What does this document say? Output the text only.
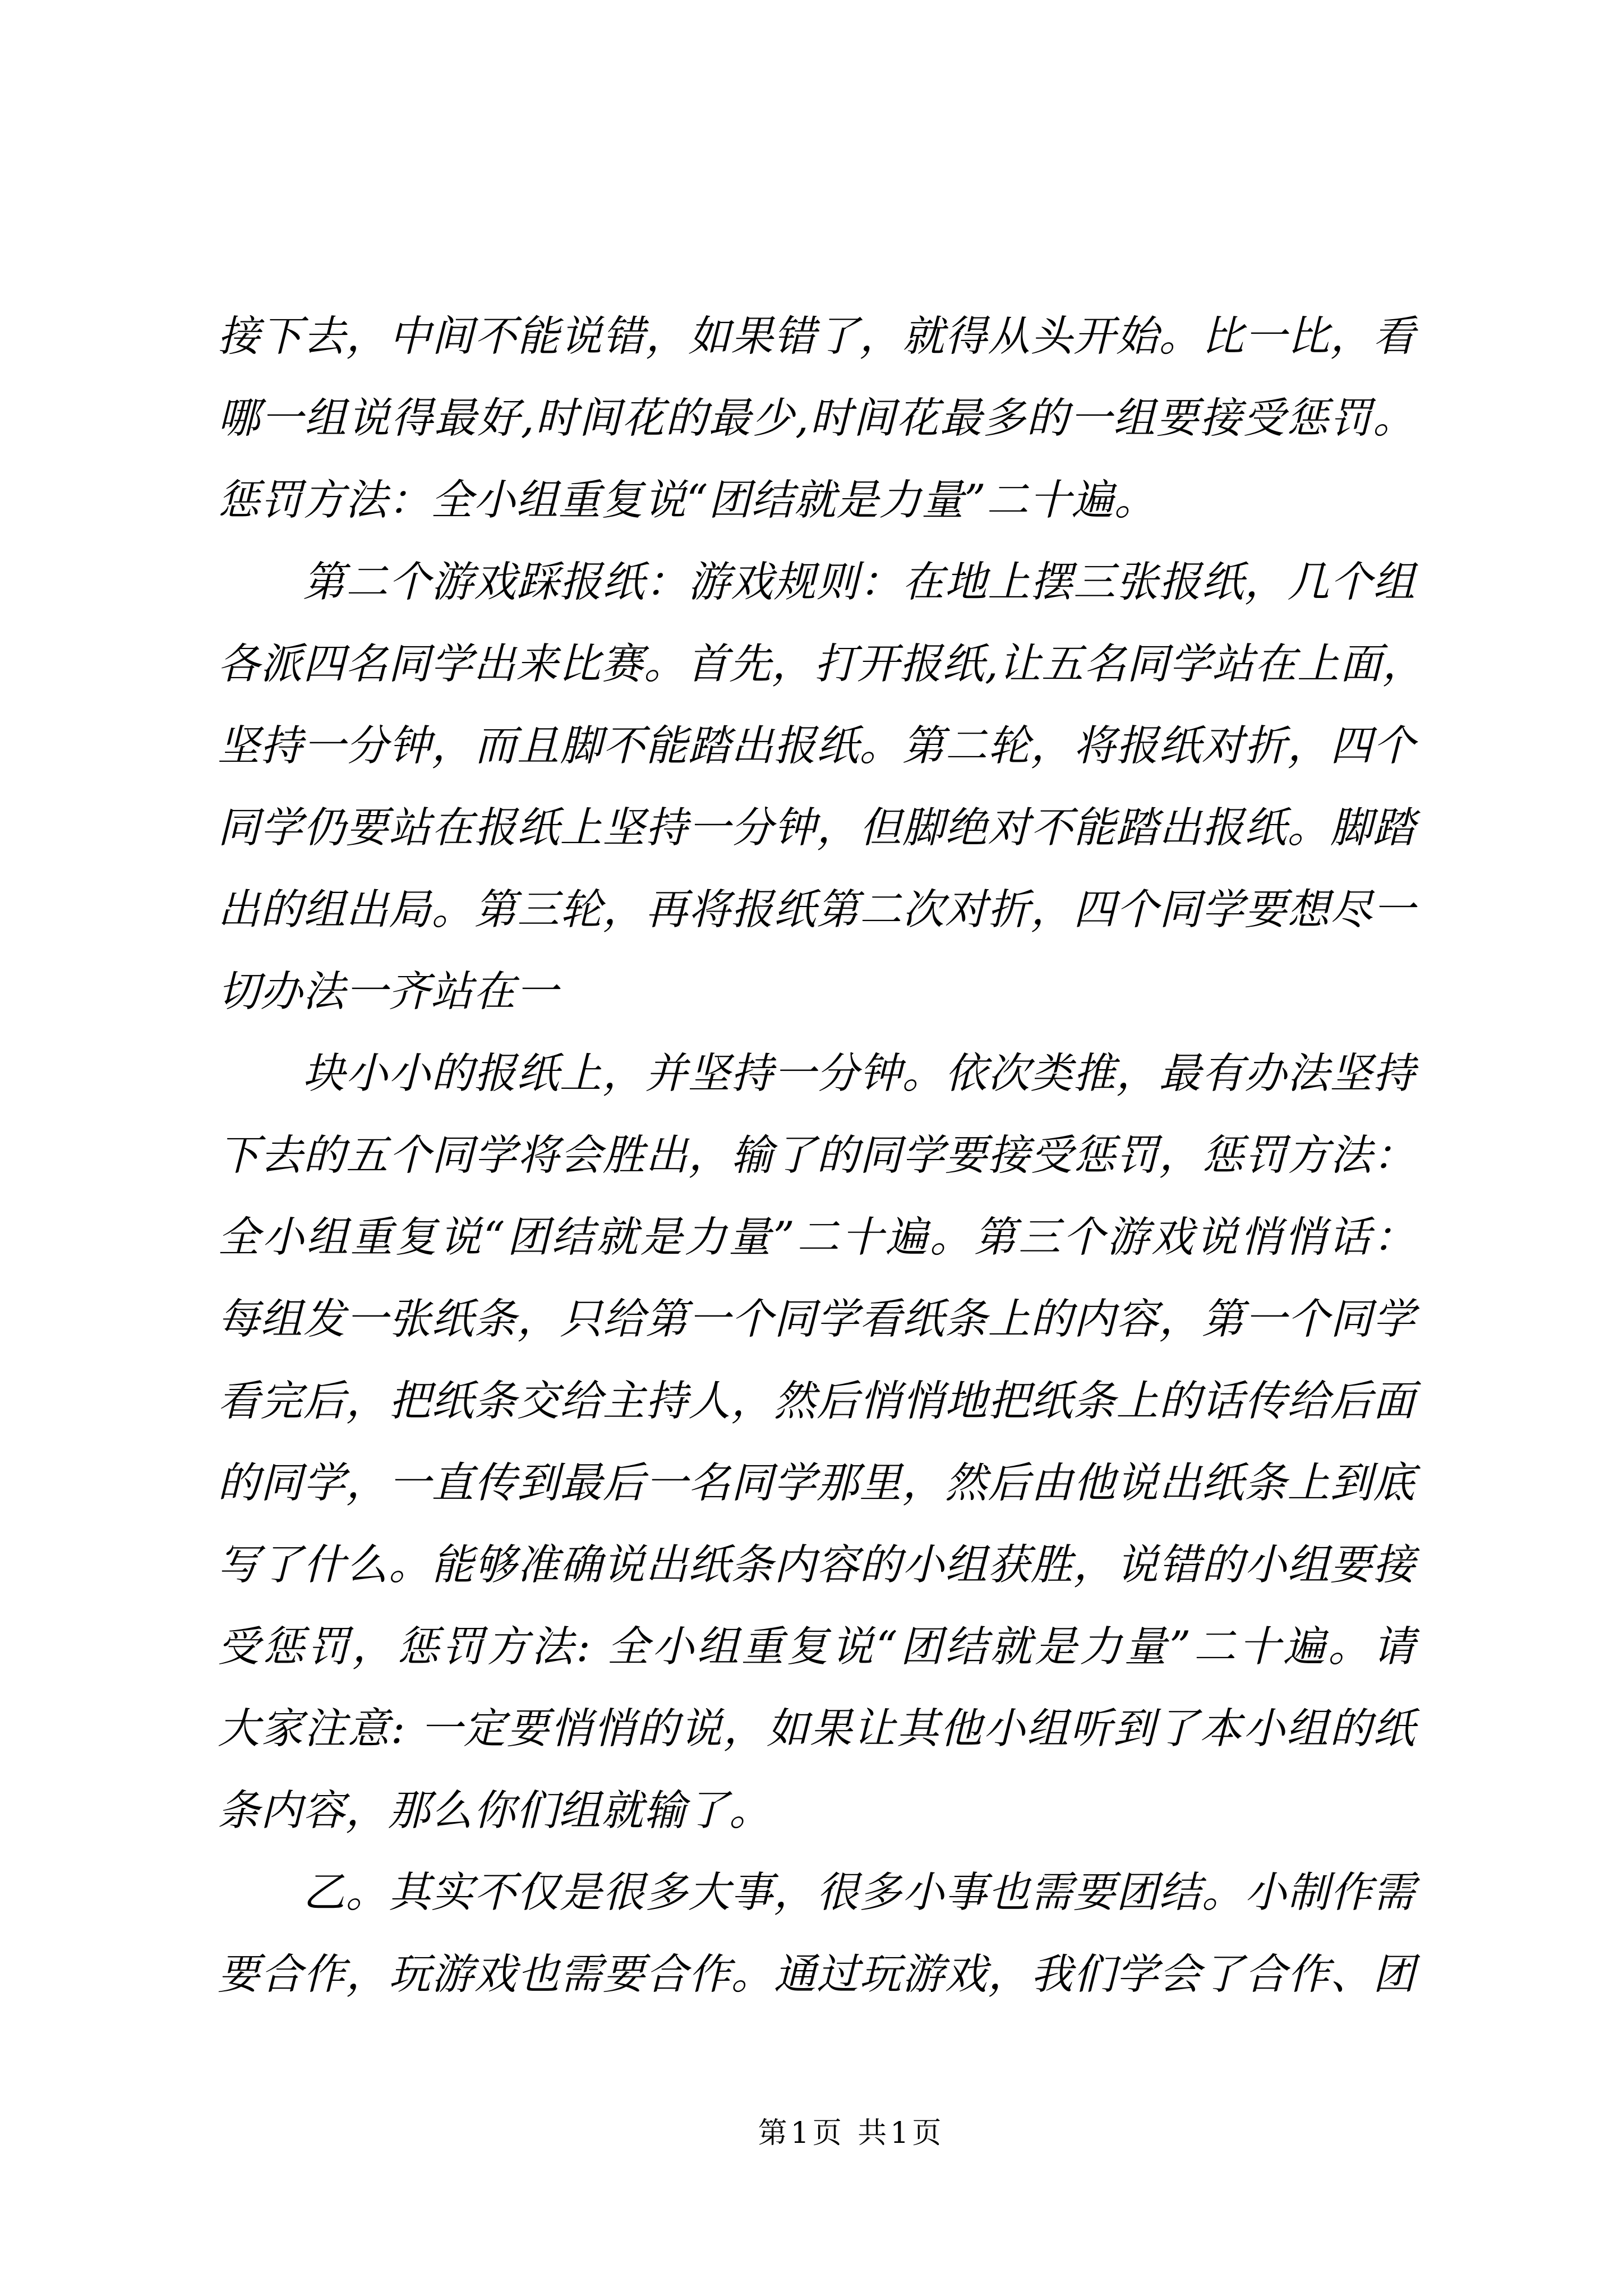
接下去，中间不能说错，如果错了，就得从头开始。比一比，看
哪一组说得最好,时间花的最少,时间花最多的一组要接受惩罚。
惩罚方法：全小组重复说“团结就是力量”二十遍。
第二个游戏踩报纸：游戏规则：在地上摆三张报纸，几个组
各派四名同学出来比赛。首先，打开报纸,让五名同学站在上面，
坚持一分钟，而且脚不能踏出报纸。第二轮，将报纸对折，四个
同学仍要站在报纸上坚持一分钟，但脚绝对不能踏出报纸。脚踏
出的组出局。第三轮，再将报纸第二次对折，四个同学要想尽一
切办法一齐站在一
块小小的报纸上，并坚持一分钟。依次类推，最有办法坚持
下去的五个同学将会胜出，输了的同学要接受惩罚，惩罚方法：
全小组重复说“团结就是力量”二十遍。第三个游戏说悄悄话：
每组发一张纸条，只给第一个同学看纸条上的内容，第一个同学
看完后，把纸条交给主持人，然后悄悄地把纸条上的话传给后面
的同学，一直传到最后一名同学那里，然后由他说出纸条上到底
写了什么。能够准确说出纸条内容的小组获胜，说错的小组要接
受惩罚，惩罚方法: 全小组重复说“团结就是力量”二十遍。请
大家注意: 一定要悄悄的说，如果让其他小组听到了本小组的纸
条内容，那么你们组就输了。
乙。其实不仅是很多大事，很多小事也需要团结。小制作需
要合作，玩游戏也需要合作。通过玩游戏，我们学会了合作、团
第1页 共1页
